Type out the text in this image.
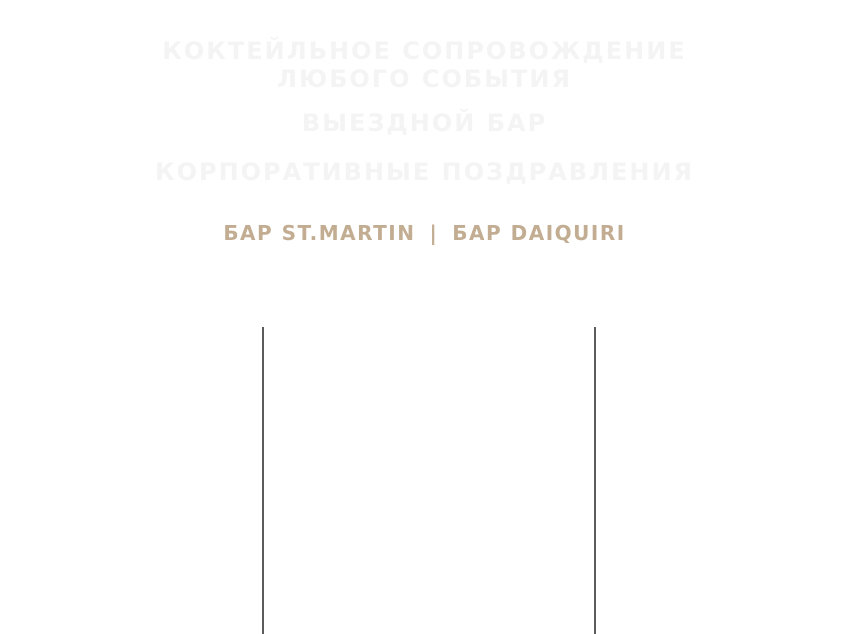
КОКТЕЙЛЬНОЕ СОПРОВОЖДЕНИЕ
ЛЮБОГО СОБЫТИЯ
ВЫЕЗДНОЙ БАР
КОРПОРАТИВНЫЕ ПОЗДРАВЛЕНИЯ
БАР ST.MARTIN | БАР DAIQUIRI
